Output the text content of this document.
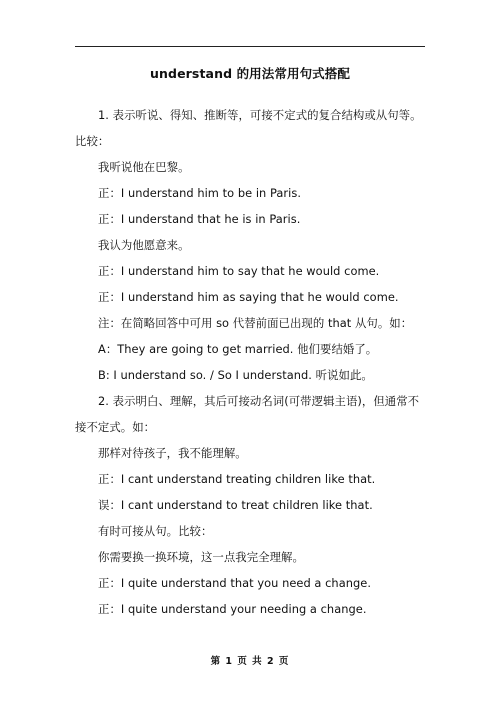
understand 的用法常用句式搭配

1. 表示听说、得知、推断等，可接不定式的复合结构或从句等。比较：

我听说他在巴黎。

正：I understand him to be in Paris.

正：I understand that he is in Paris.

我认为他愿意来。

正：I understand him to say that he would come.

正：I understand him as saying that he would come.

注：在简略回答中可用 so 代替前面已出现的 that 从句。如：

A：They are going to get married. 他们要结婚了。

B: I understand so. / So I understand. 听说如此。

2. 表示明白、理解，其后可接动名词(可带逻辑主语)，但通常不接不定式。如：

那样对待孩子，我不能理解。

正：I cant understand treating children like that.

误：I cant understand to treat children like that.

有时可接从句。比较：

你需要换一换环境，这一点我完全理解。

正：I quite understand that you need a change.

正：I quite understand your needing a change.

第 1 页 共 2 页
